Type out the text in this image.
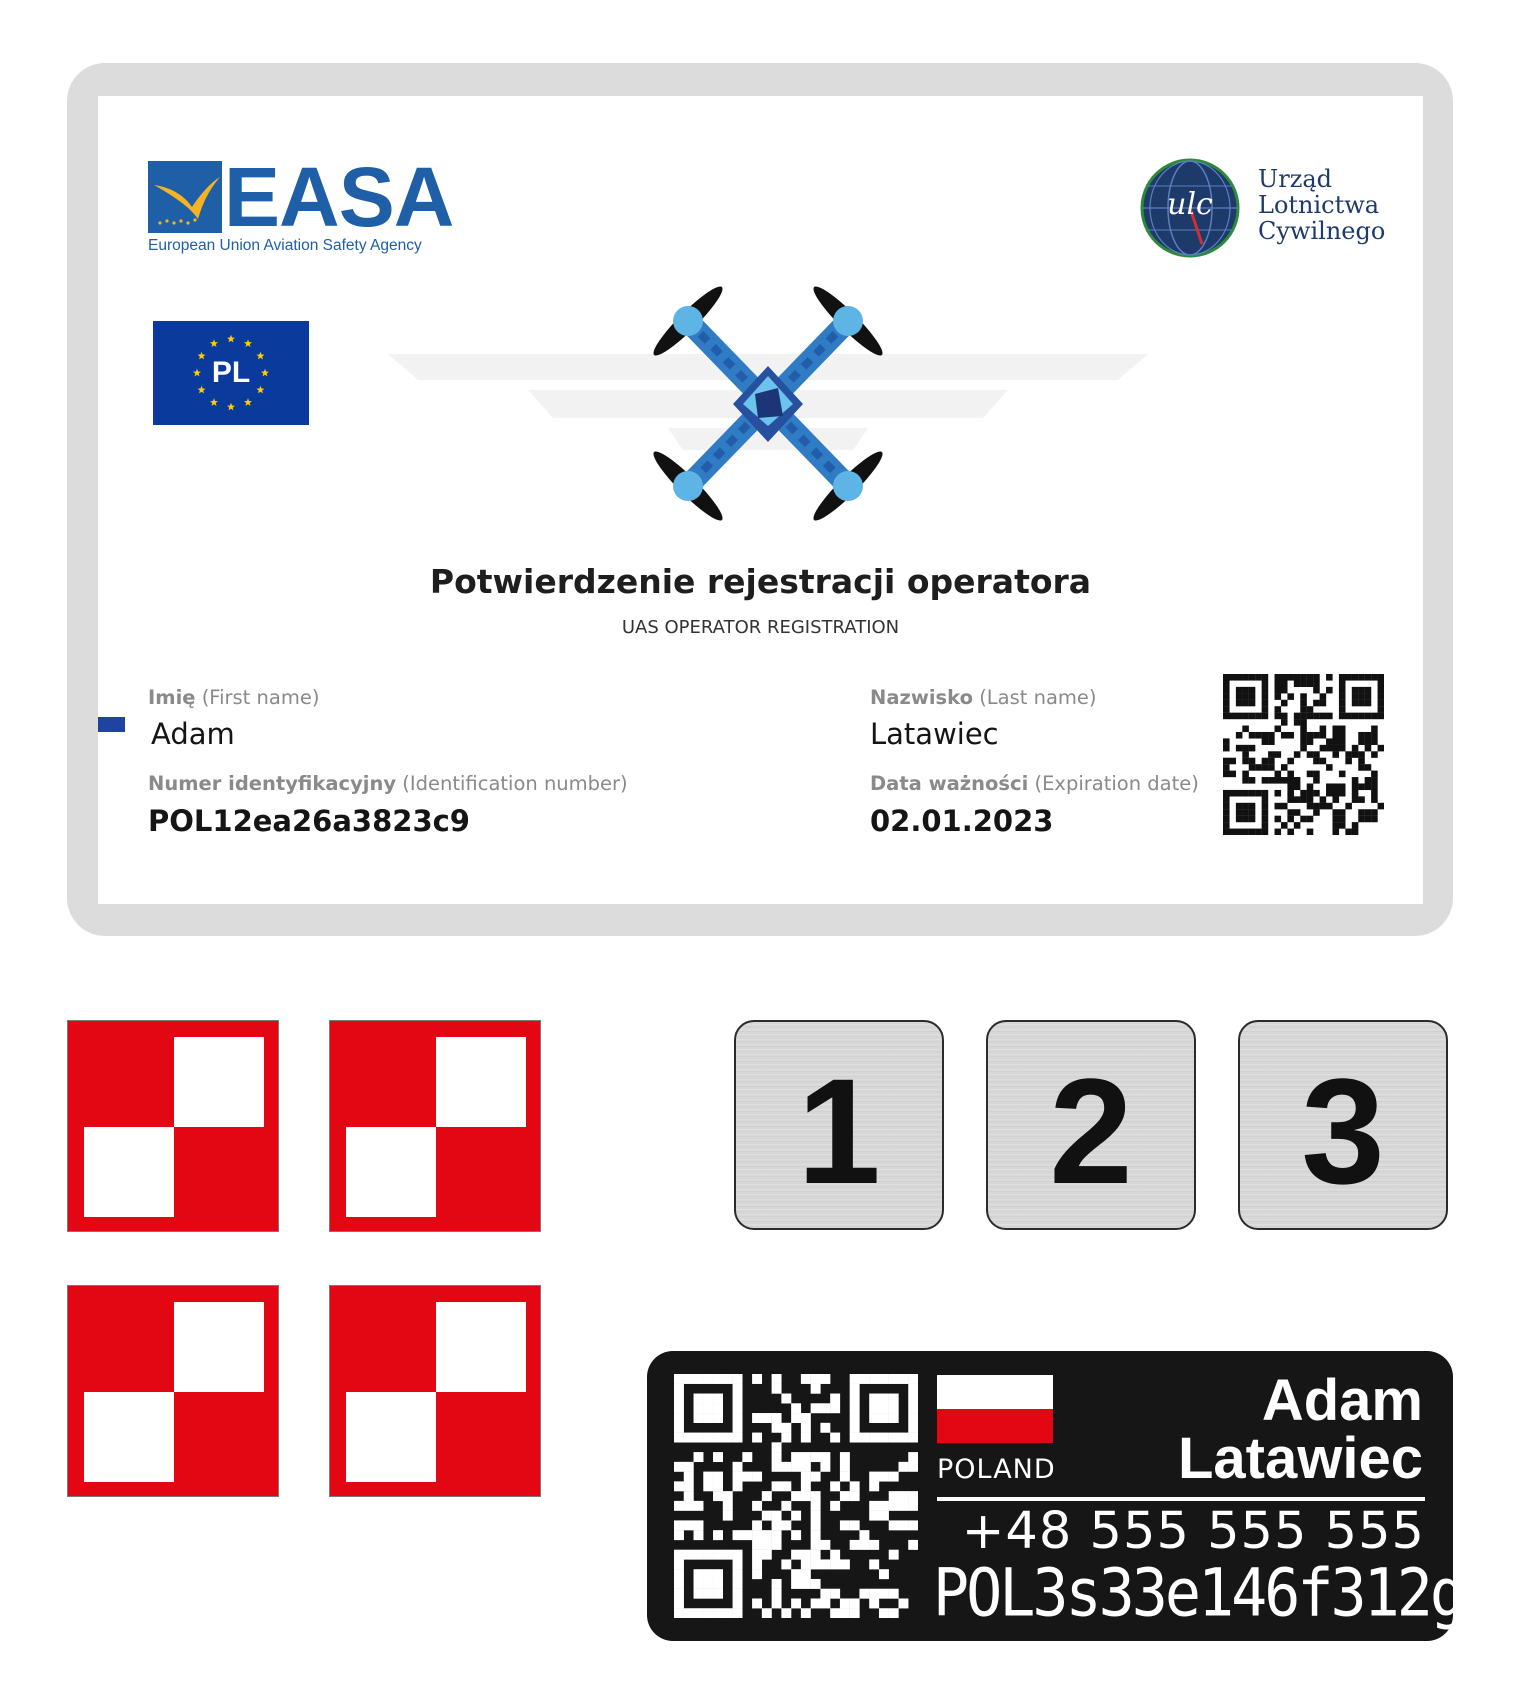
EASA
European Union Aviation Safety Agency
ulc
Urząd
Lotnictwa
Cywilnego
PL
Potwierdzenie rejestracji operatora
UAS OPERATOR REGISTRATION
Imię (First name)
Adam
Numer identyfikacyjny (Identification number)
POL12ea26a3823c9
Nazwisko (Last name)
Latawiec
Data ważności (Expiration date)
02.01.2023
1 2 3
POLAND
Adam
Latawiec
+48 555 555 555
POL3s33e146f312g
